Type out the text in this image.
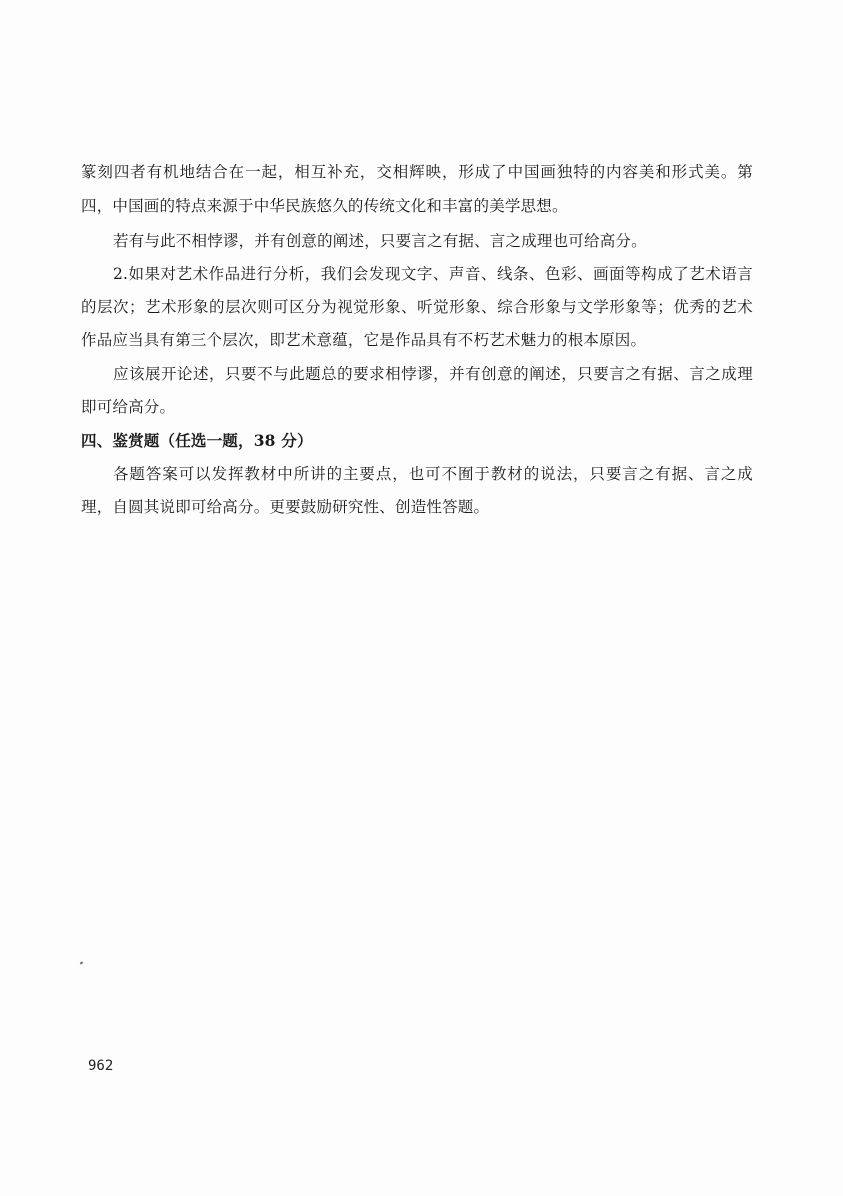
篆刻四者有机地结合在一起，相互补充，交相辉映，形成了中国画独特的内容美和形式美。第
四，中国画的特点来源于中华民族悠久的传统文化和丰富的美学思想。
若有与此不相悖谬，并有创意的阐述，只要言之有据、言之成理也可给高分。
2.如果对艺术作品进行分析，我们会发现文字、声音、线条、色彩、画面等构成了艺术语言
的层次；艺术形象的层次则可区分为视觉形象、听觉形象、综合形象与文学形象等；优秀的艺术
作品应当具有第三个层次，即艺术意蕴，它是作品具有不朽艺术魅力的根本原因。
应该展开论述，只要不与此题总的要求相悖谬，并有创意的阐述，只要言之有据、言之成理
即可给高分。
四、鉴赏题（任选一题，38 分）
各题答案可以发挥教材中所讲的主要点，也可不囿于教材的说法，只要言之有据、言之成
理，自圆其说即可给高分。更要鼓励研究性、创造性答题。
962
